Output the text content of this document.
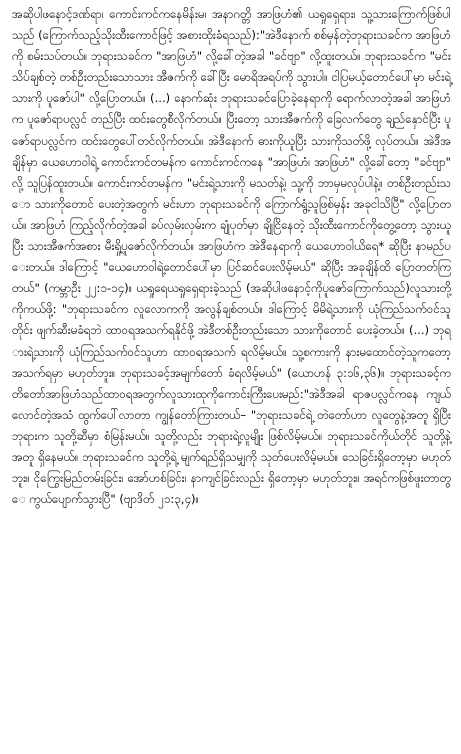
အဆိုပါဖနောင့်ဒဏ်ရာ၊ ကောင်းကင်ကနေမိန်းမ၊ အနာဂတ္တိ အာဖြဟံ၏ ယရှုရှေရား၊ သူ့သားကြောက်ဖြစ်ပါသည် (ကြောက်သည့်သိုးထီးကောင်ဖြင့် အစားထိုးခံရသည်):"အဲဒီနောက် စစ်မှန်တဲ့ဘုရားသခင်က အာဖြဟံကို စမ်းသပ်တယ်။ ဘုရားသခင်က "အာဖြဟံ" လို့ခေါ်တဲ့အခါ "ခင်ဗျာ" လို့ထူးတယ်။ ဘုရားသခင်က "မင်းသိပ်ချစ်တဲ့ တစ်ဦးတည်းသောသား အီဇက်ကို ခေါ်ပြီး မောရိအရပ်ကို သွားပါ။ ငါပြမယ့်တောင်ပေါ်မှာ မင်းရဲ့သားကို ပူဇော်ပါ" လို့ပြောတယ်။ (...) နောက်ဆုံး ဘုရားသခင်ပြောခဲ့နေရာကို ရောက်လာတဲ့အခါ အာဖြဟံက ပူဇော်ရာပလ္လင် တည်ပြီး ထင်းတွေစီလိုက်တယ်။ ပြီးတော့ သားအီဇက်ကို ခြေလက်တွေ ချည်နှောင်ပြီး ပူဇော်ရာပလ္လင်က ထင်းတွေပေါ်တင်လိုက်တယ်။ အဲဒီနောက် ဓားကိုယူပြီး သားကိုသတ်ဖို့ လုပ်တယ်။ အဲဒီအချိန်မှာ ယေဟောဝါရဲ့ ကောင်းကင်တမန်က ကောင်းကင်ကနေ "အာဖြဟံ၊ အာဖြဟံ" လို့ခေါ်တော့ "ခင်ဗျာ" လို့ သူပြန်ထူးတယ်။ ကောင်းကင်တမန်က "မင်းရဲ့သားကို မသတ်နဲ့၊ သူ့ကို ဘာမှမလုပ်ပါနဲ့။ တစ်ဦးတည်းသော သားကိုတောင် ပေးတဲ့အတွက် မင်းဟာ ဘုရားသခင်ကို ကြောက်ရွံ့သူဖြစ်မှန်း အခုငါသိပြီ" လို့ပြောတယ်။ အာဖြဟံ ကြည့်လိုက်တဲ့အခါ ခပ်လှမ်းလှမ်းက ချုံပုတ်မှာ ချိုငြိနေတဲ့ သိုးထီးကောင်ကိုတွေ့တော့ သွားယူပြီး သားအီဇက်အစား မီးရှို့ပူဇော်လိုက်တယ်။ အာဖြဟံက အဲဒီနေရာကို ယေဟောဝါယိရေ* ဆိုပြီး နာမည်ပေးတယ်။ ဒါကြောင့် "ယေဟောဝါရဲ့တောင်ပေါ်မှာ ပြင်ဆင်ပေးလိမ့်မယ်" ဆိုပြီး အခုချိန်ထိ ပြောတတ်ကြတယ်" (ကမ္ဘာဦး ၂၂:၁-၁၄)။ ယရှုရေယရှုရှေရားခဲ့သည် (အဆိုပါဖနောင့်ကိုပူဇော်ကြောက်သည်)လူသားတို့ကိုကယ်ဖို့: "ဘုရားသခင်က လူလောကကို အလွန်ချစ်တယ်။ ဒါကြောင့် မိမိရဲ့သားကို ယုံကြည်သက်ဝင်သူတိုင်း ဖျက်ဆီးမခံရဘဲ ထာဝရအသက်ရနိုင်ဖို့ အဲဒီတစ်ဦးတည်းသော သားကိုတောင် ပေးခဲ့တယ်။ (...) ဘုရားရဲ့သားကို ယုံကြည်သက်ဝင်သူဟာ ထာဝရအသက် ရလိမ့်မယ်။ သူ့စကားကို နားမထောင်တဲ့သူကတော့ အသက်ရမှာ မဟုတ်ဘူး။ ဘုရားသခင့်အမျက်တော် ခံရလိမ့်မယ်" (ယောဟန် ၃:၁၆,၃၆)။ ဘုရားသခင့်ကတိတော်အာဖြဟံသည်ထာဝရအတွက်လူသားထုကိုကောင်းကြီးပေးမည်:"အဲဒီအခါ ရာဇပလ္လင်ကနေ ကျယ်လောင်တဲ့အသံ ထွက်ပေါ်လာတာ ကျွန်တော်ကြားတယ်– "ဘုရားသခင်ရဲ့ တဲတော်ဟာ လူတွေနဲ့အတူ ရှိပြီး ဘုရားက သူတို့ဆီမှာ စံမြန်းမယ်။ သူတို့လည်း ဘုရားရဲ့လူမျိုး ဖြစ်လိမ့်မယ်။ ဘုရားသခင်ကိုယ်တိုင် သူတို့နဲ့အတူ ရှိနေမယ်။ ဘုရားသခင်က သူတို့ရဲ့ မျက်ရည်ရှိသမျှကို သုတ်ပေးလိမ့်မယ်။ သေခြင်းရှိတော့မှာ မဟုတ်ဘူး။ ငိုကြွေးမြည်တမ်းခြင်း၊ အော်ဟစ်ခြင်း၊ နာကျင်ခြင်းလည်း ရှိတော့မှာ မဟုတ်ဘူး။ အရင်ကဖြစ်ဖူးတာတွေ ကွယ်ပျောက်သွားပြီ" (ဗျာဒိတ် ၂၁:၃,၄)။
